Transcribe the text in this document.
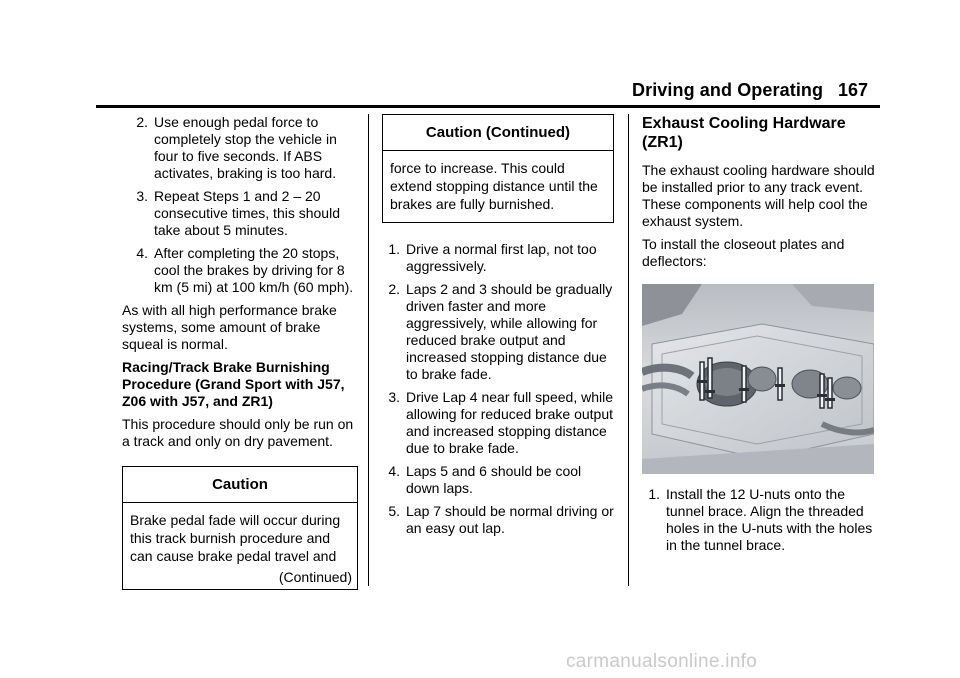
Driving and Operating 167
2. Use enough pedal force to completely stop the vehicle in four to five seconds. If ABS activates, braking is too hard.
3. Repeat Steps 1 and 2 – 20 consecutive times, this should take about 5 minutes.
4. After completing the 20 stops, cool the brakes by driving for 8 km (5 mi) at 100 km/h (60 mph).

As with all high performance brake systems, some amount of brake squeal is normal.

Racing/Track Brake Burnishing Procedure (Grand Sport with J57, Z06 with J57, and ZR1)

This procedure should only be run on a track and only on dry pavement.

Caution
Brake pedal fade will occur during this track burnish procedure and can cause brake pedal travel and
(Continued)
Caution (Continued)
force to increase. This could extend stopping distance until the brakes are fully burnished.
1. Drive a normal first lap, not too aggressively.
2. Laps 2 and 3 should be gradually driven faster and more aggressively, while allowing for reduced brake output and increased stopping distance due to brake fade.
3. Drive Lap 4 near full speed, while allowing for reduced brake output and increased stopping distance due to brake fade.
4. Laps 5 and 6 should be cool down laps.
5. Lap 7 should be normal driving or an easy out lap.
Exhaust Cooling Hardware (ZR1)

The exhaust cooling hardware should be installed prior to any track event. These components will help cool the exhaust system.

To install the closeout plates and deflectors:

1. Install the 12 U-nuts onto the tunnel brace. Align the threaded holes in the U-nuts with the holes in the tunnel brace.
carmanualsonline.info
